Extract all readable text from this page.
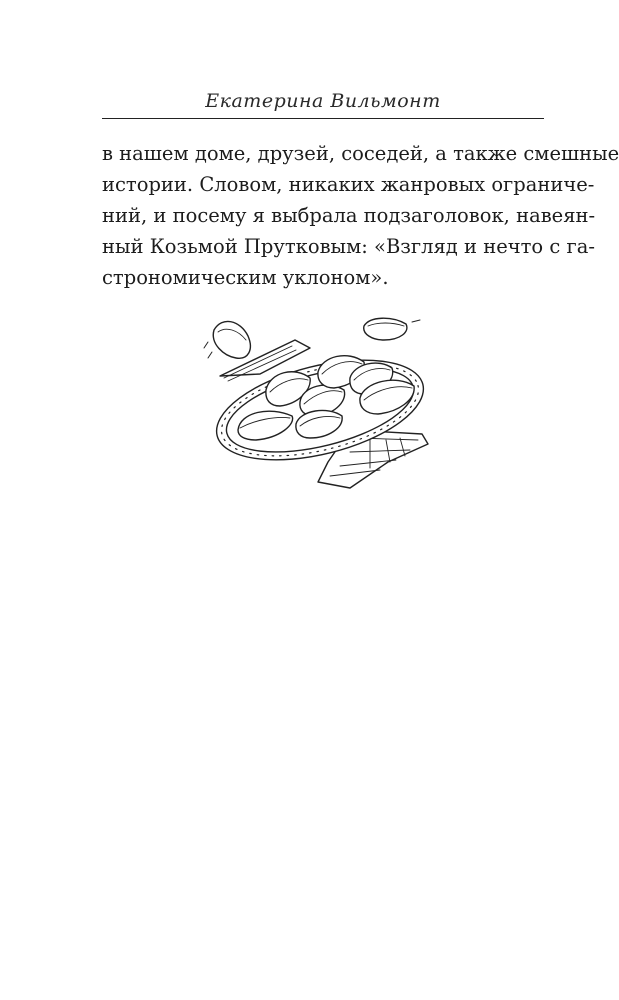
Екатерина Вильмонт
в нашем доме, друзей, соседей, а также смешные
истории. Словом, никаких жанровых ограниче-
ний, и посему я выбрала подзаголовок, навеян-
ный Козьмой Прутковым: «Взгляд и нечто с га-
строномическим уклоном».
